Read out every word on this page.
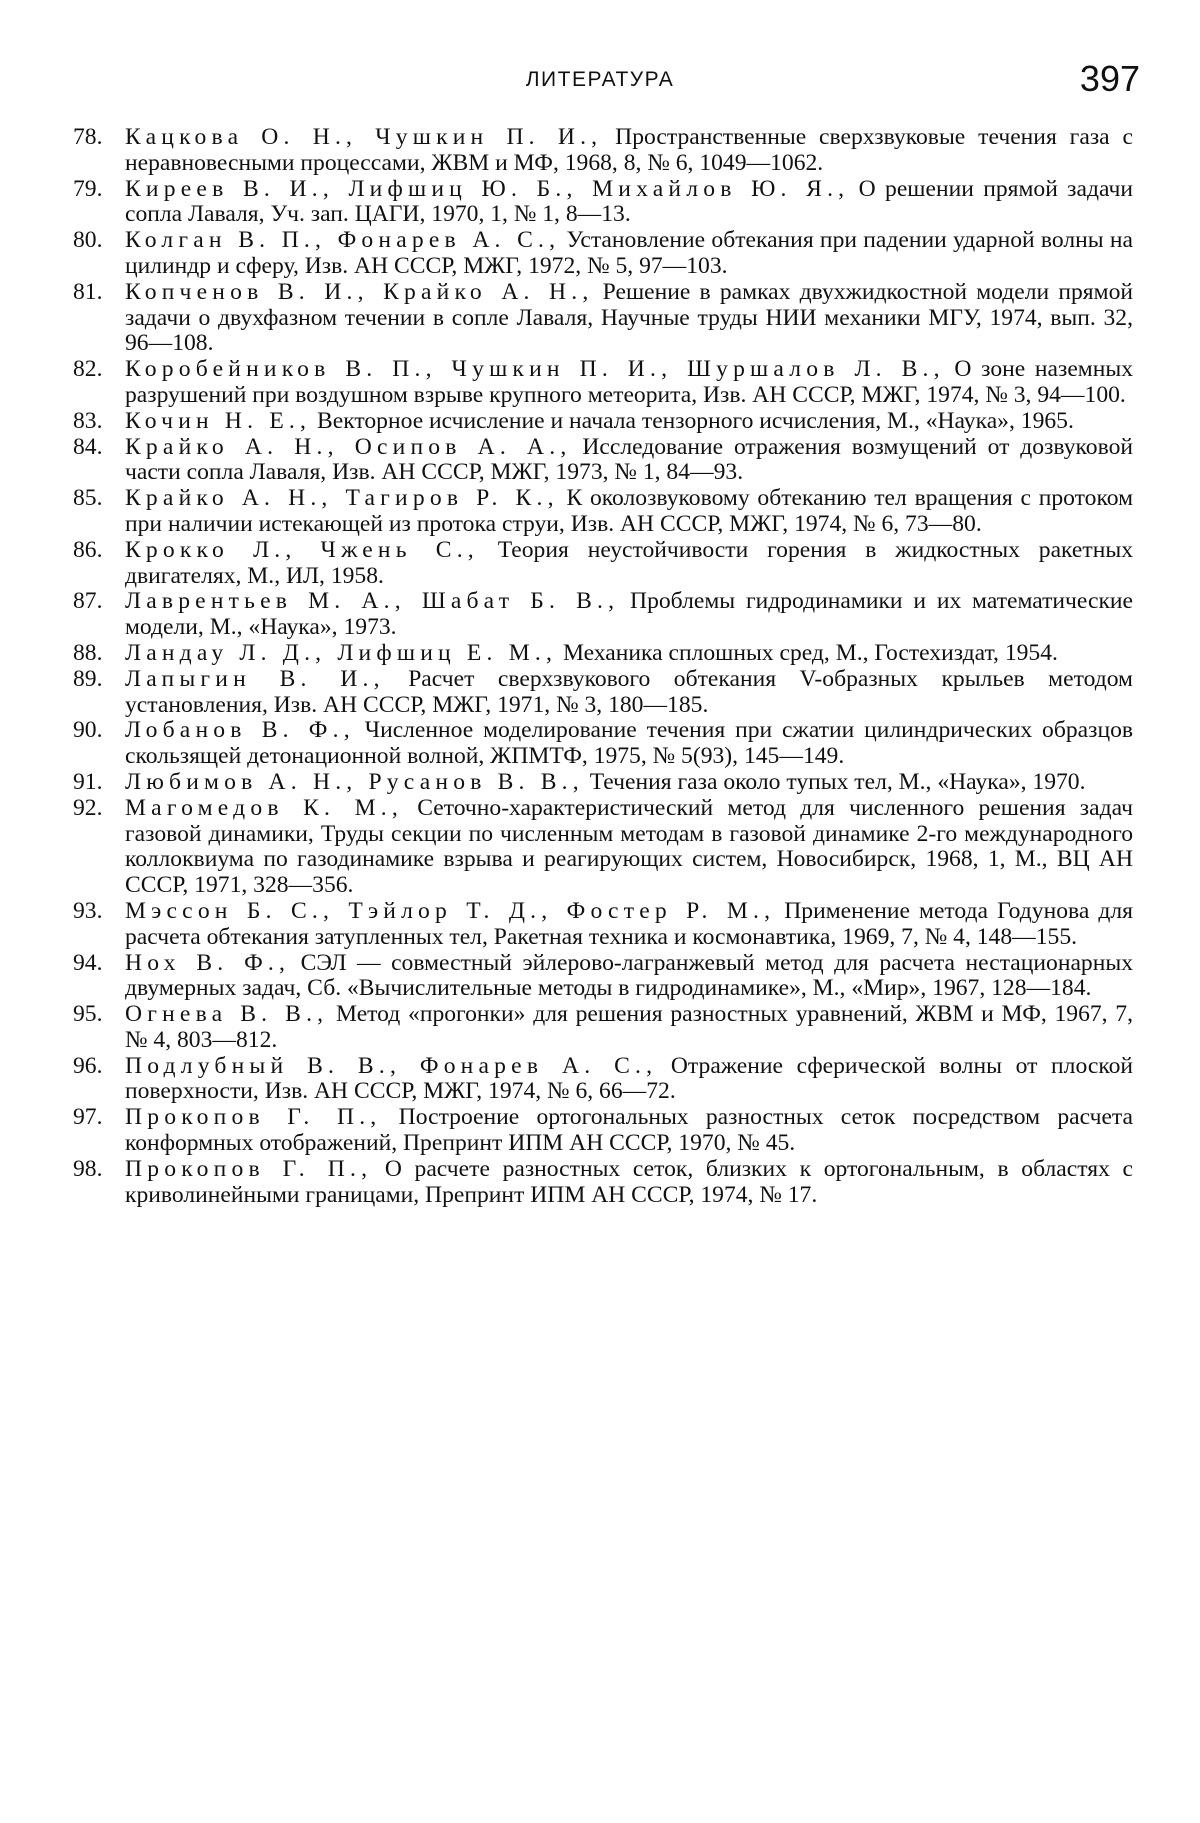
ЛИТЕРАТУРА	397
78. Кацкова О. Н., Чушкин П. И., Пространственные сверхзвуковые течения газа с неравновесными процессами, ЖВМ и МФ, 1968, 8, № 6, 1049—1062.
79. Киреев В. И., Лифшиц Ю. Б., Михайлов Ю. Я., О решении прямой задачи сопла Лаваля, Уч. зап. ЦАГИ, 1970, 1, № 1, 8—13.
80. Колган В. П., Фонарев А. С., Установление обтекания при падении ударной волны на цилиндр и сферу, Изв. АН СССР, МЖГ, 1972, № 5, 97—103.
81. Копченов В. И., Крайко А. Н., Решение в рамках двухжидкостной модели прямой задачи о двухфазном течении в сопле Лаваля, Научные труды НИИ механики МГУ, 1974, вып. 32, 96—108.
82. Коробейников В. П., Чушкин П. И., Шуршалов Л. В., О зоне наземных разрушений при воздушном взрыве крупного метеорита, Изв. АН СССР, МЖГ, 1974, № 3, 94—100.
83. Кочин Н. Е., Векторное исчисление и начала тензорного исчисления, М., «Наука», 1965.
84. Крайко А. Н., Осипов А. А., Исследование отражения возмущений от дозвуковой части сопла Лаваля, Изв. АН СССР, МЖГ, 1973, № 1, 84—93.
85. Крайко А. Н., Тагиров Р. К., К околозвуковому обтеканию тел вращения с протоком при наличии истекающей из протока струи, Изв. АН СССР, МЖГ, 1974, № 6, 73—80.
86. Крокко Л., Чжень С., Теория неустойчивости горения в жидкостных ракетных двигателях, М., ИЛ, 1958.
87. Лаврентьев М. А., Шабат Б. В., Проблемы гидродинамики и их математические модели, М., «Наука», 1973.
88. Ландау Л. Д., Лифшиц Е. М., Механика сплошных сред, М., Гостехиздат, 1954.
89. Лапыгин В. И., Расчет сверхзвукового обтекания V-образных крыльев методом установления, Изв. АН СССР, МЖГ, 1971, № 3, 180—185.
90. Лобанов В. Ф., Численное моделирование течения при сжатии цилиндрических образцов скользящей детонационной волной, ЖПМТФ, 1975, № 5(93), 145—149.
91. Любимов А. Н., Русанов В. В., Течения газа около тупых тел, М., «Наука», 1970.
92. Магомедов К. М., Сеточно-характеристический метод для численного решения задач газовой динамики, Труды секции по численным методам в газовой динамике 2-го международного коллоквиума по газодинамике взрыва и реагирующих систем, Новосибирск, 1968, 1, М., ВЦ АН СССР, 1971, 328—356.
93. Мэссон Б. С., Тэйлор Т. Д., Фостер Р. М., Применение метода Годунова для расчета обтекания затупленных тел, Ракетная техника и космонавтика, 1969, 7, № 4, 148—155.
94. Нох В. Ф., СЭЛ — совместный эйлерово-лагранжевый метод для расчета нестационарных двумерных задач, Сб. «Вычислительные методы в гидродинамике», М., «Мир», 1967, 128—184.
95. Огнева В. В., Метод «прогонки» для решения разностных уравнений, ЖВМ и МФ, 1967, 7, № 4, 803—812.
96. Подлубный В. В., Фонарев А. С., Отражение сферической волны от плоской поверхности, Изв. АН СССР, МЖГ, 1974, № 6, 66—72.
97. Прокопов Г. П., Построение ортогональных разностных сеток посредством расчета конформных отображений, Препринт ИПМ АН СССР, 1970, № 45.
98. Прокопов Г. П., О расчете разностных сеток, близких к ортогональным, в областях с криволинейными границами, Препринт ИПМ АН СССР, 1974, № 17.
